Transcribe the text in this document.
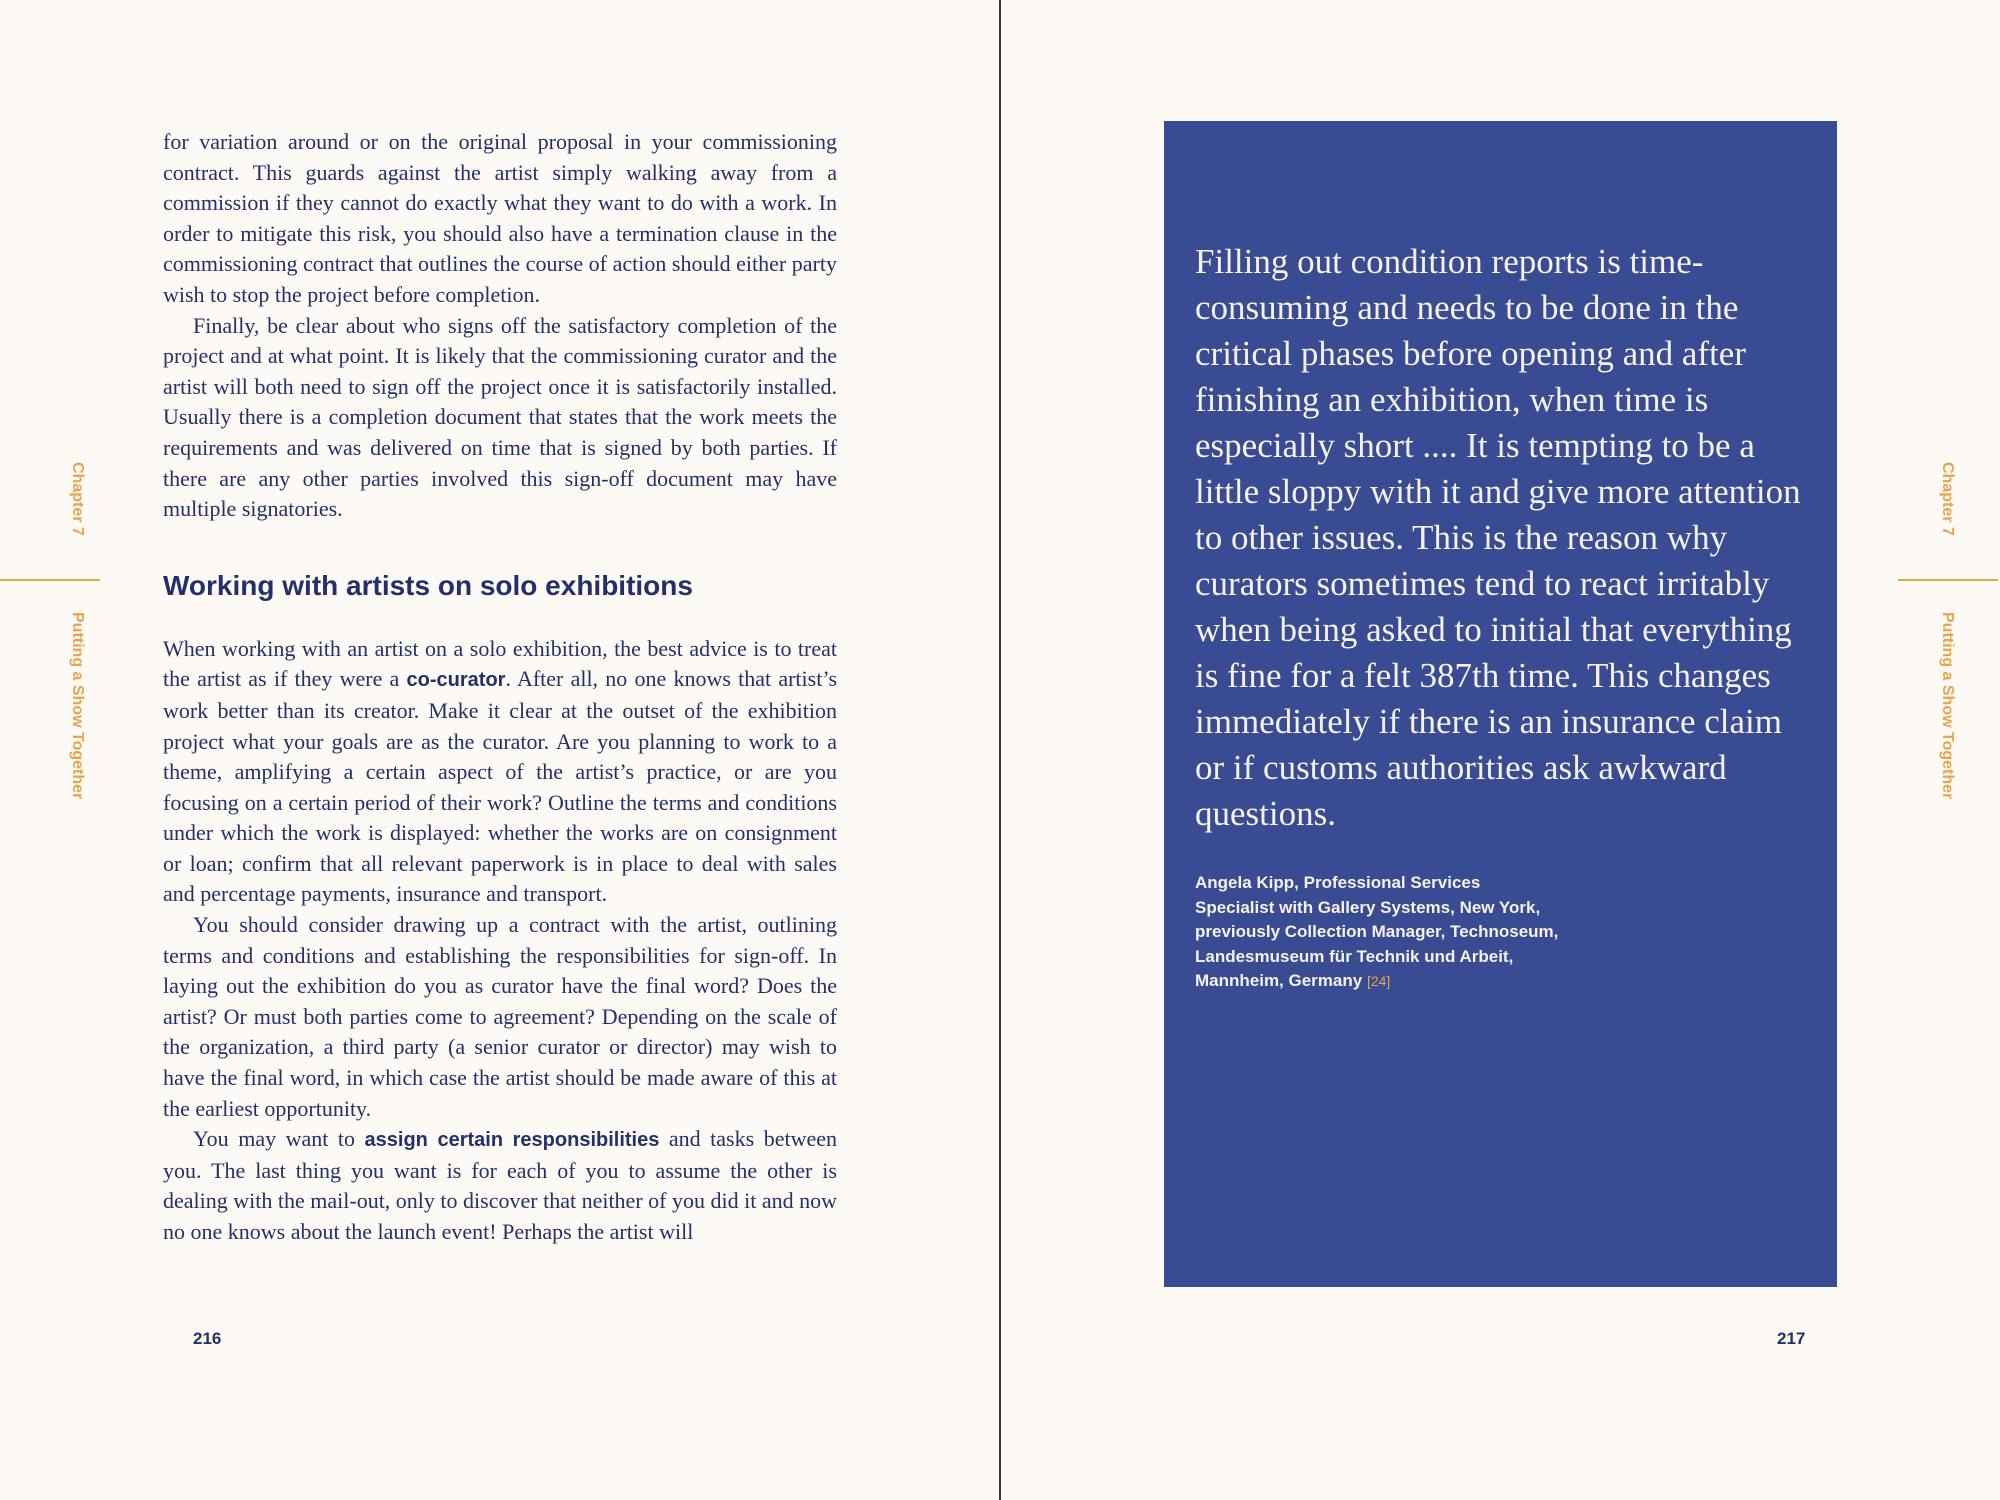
Chapter 7
Putting a Show Together
Chapter 7
Putting a Show Together

for variation around or on the original proposal in your commissioning contract. This guards against the artist simply walking away from a commission if they cannot do exactly what they want to do with a work. In order to mitigate this risk, you should also have a termination clause in the commissioning contract that outlines the course of action should either party wish to stop the project before completion.

Finally, be clear about who signs off the satisfactory completion of the project and at what point. It is likely that the commissioning curator and the artist will both need to sign off the project once it is satisfactorily installed. Usually there is a completion document that states that the work meets the requirements and was delivered on time that is signed by both parties. If there are any other parties involved this sign-off document may have multiple signatories.

Working with artists on solo exhibitions

When working with an artist on a solo exhibition, the best advice is to treat the artist as if they were a co-curator. After all, no one knows that artist’s work better than its creator. Make it clear at the outset of the exhibition project what your goals are as the curator. Are you planning to work to a theme, amplifying a certain aspect of the artist’s practice, or are you focusing on a certain period of their work? Outline the terms and conditions under which the work is displayed: whether the works are on consignment or loan; confirm that all relevant paperwork is in place to deal with sales and percentage payments, insurance and transport.

You should consider drawing up a contract with the artist, outlining terms and conditions and establishing the responsibilities for sign-off. In laying out the exhibition do you as curator have the final word? Does the artist? Or must both parties come to agreement? Depending on the scale of the organization, a third party (a senior curator or director) may wish to have the final word, in which case the artist should be made aware of this at the earliest opportunity.

You may want to assign certain responsibilities and tasks between you. The last thing you want is for each of you to assume the other is dealing with the mail-out, only to discover that neither of you did it and now no one knows about the launch event! Perhaps the artist will

216
Filling out condition reports is time-consuming and needs to be done in the critical phases before opening and after finishing an exhibition, when time is especially short .... It is tempting to be a little sloppy with it and give more attention to other issues. This is the reason why curators sometimes tend to react irritably when being asked to initial that everything is fine for a felt 387th time. This changes immediately if there is an insurance claim or if customs authorities ask awkward questions.
Angela Kipp, Professional Services
Specialist with Gallery Systems, New York,
previously Collection Manager, Technoseum,
Landesmuseum für Technik und Arbeit,
Mannheim, Germany [24]
217
